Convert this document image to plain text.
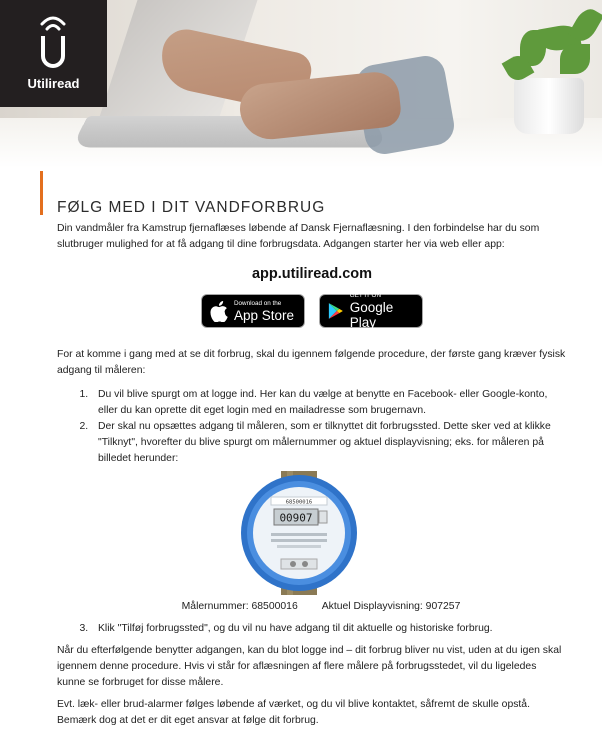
Utiliread
FØLG MED I DIT VANDFORBRUG

Din vandmåler fra Kamstrup fjernaflæses løbende af Dansk Fjernaflæsning. I den forbindelse har du som slutbruger mulighed for at få adgang til dine forbrugsdata. Adgangen starter her via web eller app:

app.utiliread.com
Download on the
App Store
GET IT ON
Google Play

For at komme i gang med at se dit forbrug, skal du igennem følgende procedure, der første gang kræver fysisk adgang til måleren:

1. Du vil blive spurgt om at logge ind. Her kan du vælge at benytte en Facebook- eller Google-konto, eller du kan oprette dit eget login med en mailadresse som brugernavn.
2. Der skal nu opsættes adgang til måleren, som er tilknyttet dit forbrugssted. Dette sker ved at klikke "Tilknyt", hvorefter du blive spurgt om målernummer og aktuel displayvisning; eks. for måleren på billedet herunder:
68500016
00907
Målernummer: 68500016 Aktuel Displayvisning: 907257
3. Klik "Tilføj forbrugssted", og du vil nu have adgang til dit aktuelle og historiske forbrug.

Når du efterfølgende benytter adgangen, kan du blot logge ind – dit forbrug bliver nu vist, uden at du igen skal igennem denne procedure. Hvis vi står for aflæsningen af flere målere på forbrugsstedet, vil du ligeledes kunne se forbruget for disse målere.

Evt. læk- eller brud-alarmer følges løbende af værket, og du vil blive kontaktet, såfremt de skulle opstå. Bemærk dog at det er dit eget ansvar at følge dit forbrug.
